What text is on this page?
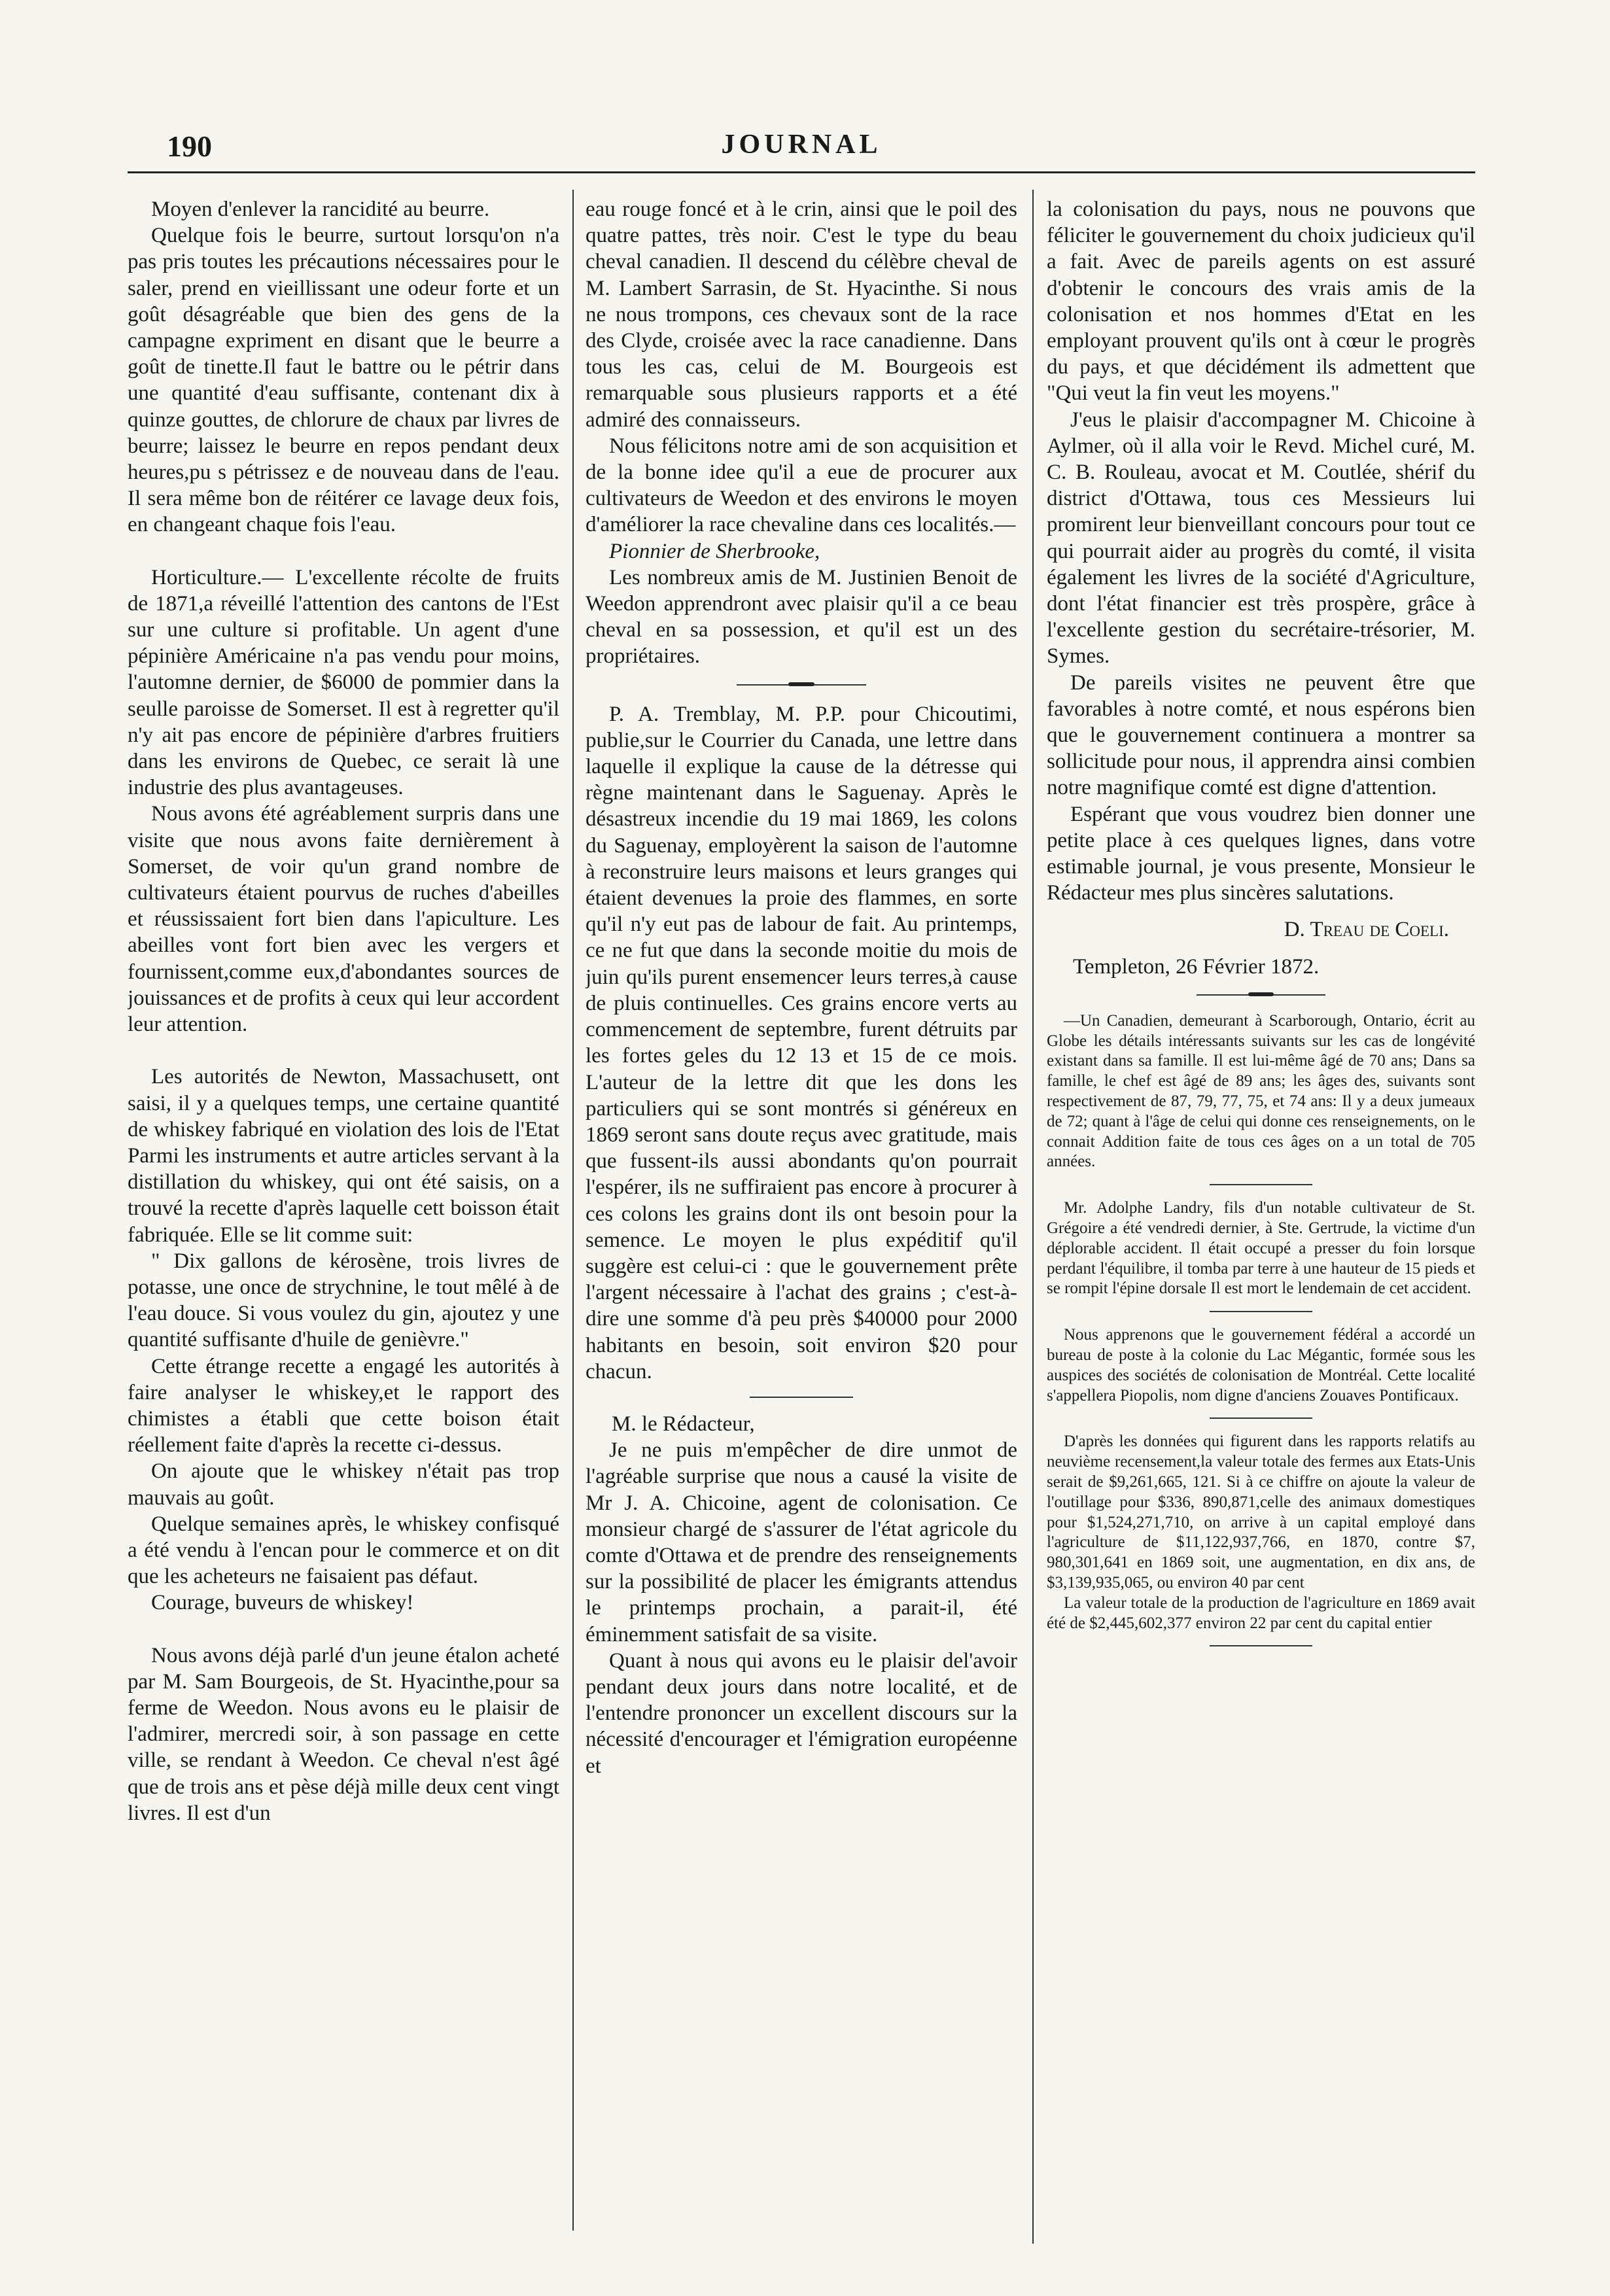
190	JOURNAL

Moyen d'enlever la rancidité au beurre.

Quelque fois le beurre, surtout lorsqu'on n'a pas pris toutes les précautions nécessaires pour le saler, prend en vieillissant une odeur forte et un goût désagréable que bien des gens de la campagne expriment en disant que le beurre a goût de tinette.Il faut le battre ou le pétrir dans une quantité d'eau suffisante, contenant dix à quinze gouttes, de chlorure de chaux par livres de beurre; laissez le beurre en repos pendant deux heures,pu s pétrissez e de nouveau dans de l'eau. Il sera même bon de réitérer ce lavage deux fois, en changeant chaque fois l'eau.

Horticulture.— L'excellente récolte de fruits de 1871,a réveillé l'attention des cantons de l'Est sur une culture si profitable. Un agent d'une pépinière Américaine n'a pas vendu pour moins, l'automne dernier, de $6000 de pommier dans la seulle paroisse de Somerset. Il est à regretter qu'il n'y ait pas encore de pépinière d'arbres fruitiers dans les environs de Quebec, ce serait là une industrie des plus avantageuses.

Nous avons été agréablement surpris dans une visite que nous avons faite dernièrement à Somerset, de voir qu'un grand nombre de cultivateurs étaient pourvus de ruches d'abeilles et réussissaient fort bien dans l'apiculture. Les abeilles vont fort bien avec les vergers et fournissent,comme eux,d'abondantes sources de jouissances et de profits à ceux qui leur accordent leur attention.

Les autorités de Newton, Massachusett, ont saisi, il y a quelques temps, une certaine quantité de whiskey fabriqué en violation des lois de l'Etat Parmi les instruments et autre articles servant à la distillation du whiskey, qui ont été saisis, on a trouvé la recette d'après laquelle cett boisson était fabriquée. Elle se lit comme suit:

" Dix gallons de kérosène, trois livres de potasse, une once de strychnine, le tout mêlé à de l'eau douce. Si vous voulez du gin, ajoutez y une quantité suffisante d'huile de genièvre."

Cette étrange recette a engagé les autorités à faire analyser le whiskey,et le rapport des chimistes a établi que cette boison était réellement faite d'après la recette ci-dessus.

On ajoute que le whiskey n'était pas trop mauvais au goût.

Quelque semaines après, le whiskey confisqué a été vendu à l'encan pour le commerce et on dit que les acheteurs ne faisaient pas défaut.

Courage, buveurs de whiskey!

Nous avons déjà parlé d'un jeune étalon acheté par M. Sam Bourgeois, de St. Hyacinthe,pour sa ferme de Weedon. Nous avons eu le plaisir de l'admirer, mercredi soir, à son passage en cette ville, se rendant à Weedon. Ce cheval n'est âgé que de trois ans et pèse déjà mille deux cent vingt livres. Il est d'un

eau rouge foncé et à le crin, ainsi que le poil des quatre pattes, très noir. C'est le type du beau cheval canadien. Il descend du célèbre cheval de M. Lambert Sarrasin, de St. Hyacinthe. Si nous ne nous trompons, ces chevaux sont de la race des Clyde, croisée avec la race canadienne. Dans tous les cas, celui de M. Bourgeois est remarquable sous plusieurs rapports et a été admiré des connaisseurs.

Nous félicitons notre ami de son acquisition et de la bonne idee qu'il a eue de procurer aux cultivateurs de Weedon et des environs le moyen d'améliorer la race chevaline dans ces localités.—

Pionnier de Sherbrooke,

Les nombreux amis de M. Justinien Benoit de Weedon apprendront avec plaisir qu'il a ce beau cheval en sa possession, et qu'il est un des propriétaires.

P. A. Tremblay, M. P.P. pour Chicoutimi, publie,sur le Courrier du Canada, une lettre dans laquelle il explique la cause de la détresse qui règne maintenant dans le Saguenay. Après le désastreux incendie du 19 mai 1869, les colons du Saguenay, employèrent la saison de l'automne à reconstruire leurs maisons et leurs granges qui étaient devenues la proie des flammes, en sorte qu'il n'y eut pas de labour de fait. Au printemps, ce ne fut que dans la seconde moitie du mois de juin qu'ils purent ensemencer leurs terres,à cause de pluis continuelles. Ces grains encore verts au commencement de septembre, furent détruits par les fortes geles du 12 13 et 15 de ce mois. L'auteur de la lettre dit que les dons les particuliers qui se sont montrés si généreux en 1869 seront sans doute reçus avec gratitude, mais que fussent-ils aussi abondants qu'on pourrait l'espérer, ils ne suffiraient pas encore à procurer à ces colons les grains dont ils ont besoin pour la semence. Le moyen le plus expéditif qu'il suggère est celui-ci : que le gouvernement prête l'argent nécessaire à l'achat des grains ; c'est-à-dire une somme d'à peu près $40000 pour 2000 habitants en besoin, soit environ $20 pour chacun.

M. le Rédacteur,

Je ne puis m'empêcher de dire unmot de l'agréable surprise que nous a causé la visite de Mr J. A. Chicoine, agent de colonisation. Ce monsieur chargé de s'assurer de l'état agricole du comte d'Ottawa et de prendre des renseignements sur la possibilité de placer les émigrants attendus le printemps prochain, a parait-il, été éminemment satisfait de sa visite.

Quant à nous qui avons eu le plaisir del'avoir pendant deux jours dans notre localité, et de l'entendre prononcer un excellent discours sur la nécessité d'encourager et l'émigration européenne et

la colonisation du pays, nous ne pouvons que féliciter le gouvernement du choix judicieux qu'il a fait. Avec de pareils agents on est assuré d'obtenir le concours des vrais amis de la colonisation et nos hommes d'Etat en les employant prouvent qu'ils ont à cœur le progrès du pays, et que décidément ils admettent que "Qui veut la fin veut les moyens."

J'eus le plaisir d'accompagner M. Chicoine à Aylmer, où il alla voir le Revd. Michel curé, M. C. B. Rouleau, avocat et M. Coutlée, shérif du district d'Ottawa, tous ces Messieurs lui promirent leur bienveillant concours pour tout ce qui pourrait aider au progrès du comté, il visita également les livres de la société d'Agriculture, dont l'état financier est très prospère, grâce à l'excellente gestion du secrétaire-trésorier, M. Symes.

De pareils visites ne peuvent être que favorables à notre comté, et nous espérons bien que le gouvernement continuera a montrer sa sollicitude pour nous, il apprendra ainsi combien notre magnifique comté est digne d'attention.

Espérant que vous voudrez bien donner une petite place à ces quelques lignes, dans votre estimable journal, je vous presente, Monsieur le Rédacteur mes plus sincères salutations.

D. Treau de Coeli.

Templeton, 26 Février 1872.

—Un Canadien, demeurant à Scarborough, Ontario, écrit au Globe les détails intéressants suivants sur les cas de longévité existant dans sa famille. Il est lui-même âgé de 70 ans; Dans sa famille, le chef est âgé de 89 ans; les âges des, suivants sont respectivement de 87, 79, 77, 75, et 74 ans: Il y a deux jumeaux de 72; quant à l'âge de celui qui donne ces renseignements, on le connait Addition faite de tous ces âges on a un total de 705 années.

Mr. Adolphe Landry, fils d'un notable cultivateur de St. Grégoire a été vendredi dernier, à Ste. Gertrude, la victime d'un déplorable accident. Il était occupé a presser du foin lorsque perdant l'équilibre, il tomba par terre à une hauteur de 15 pieds et se rompit l'épine dorsale Il est mort le lendemain de cet accident.

Nous apprenons que le gouvernement fédéral a accordé un bureau de poste à la colonie du Lac Mégantic, formée sous les auspices des sociétés de colonisation de Montréal. Cette localité s'appellera Piopolis, nom digne d'anciens Zouaves Pontificaux.

D'après les données qui figurent dans les rapports relatifs au neuvième recensement,la valeur totale des fermes aux Etats-Unis serait de $9,261,665, 121. Si à ce chiffre on ajoute la valeur de l'outillage pour $336, 890,871,celle des animaux domestiques pour $1,524,271,710, on arrive à un capital employé dans l'agriculture de $11,122,937,766, en 1870, contre $7, 980,301,641 en 1869 soit, une augmentation, en dix ans, de $3,139,935,065, ou environ 40 par cent

La valeur totale de la production de l'agriculture en 1869 avait été de $2,445,602,377 environ 22 par cent du capital entier
